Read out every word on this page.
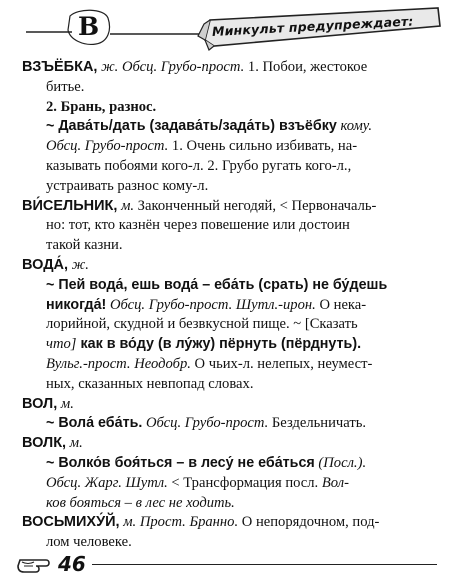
В	Минкульт предупреждает:
ВЗЪЁБКА, ж. Обсц. Грубо-прост. 1. Побои, жестокое
битье.
2. Брань, разнос.
~ Дава́ть/дать (задава́ть/зада́ть) взъёбку кому.
Обсц. Грубо-прост. 1. Очень сильно избивать, на-
казывать побоями кого-л. 2. Грубо ругать кого-л.,
устраивать разнос кому-л.
ВИ́СЕЛЬНИК, м. Законченный негодяй, < Первоначаль-
но: тот, кто казнён через повешение или достоин
такой казни.
ВОДА́, ж.
~ Пей вода́, ешь вода́ – еба́ть (срать) не бу́дешь
никогда́! Обсц. Грубо-прост. Шутл.-ирон. О нека-
лорийной, скудной и безвкусной пище. ~ [Сказать
что] как в во́ду (в лу́жу) пёрнуть (пёрднуть).
Вульг.-прост. Неодобр. О чьих-л. нелепых, неумест-
ных, сказанных невпопад словах.
ВОЛ, м.
~ Вола́ еба́ть. Обсц. Грубо-прост. Бездельничать.
ВОЛК, м.
~ Волко́в боя́ться – в лесу́ не еба́ться (Посл.).
Обсц. Жарг. Шутл. < Трансформация посл. Вол-
ков бояться – в лес не ходить.
ВОСЬМИХУ́Й, м. Прост. Бранно. О непорядочном, под-
лом человеке.
46
